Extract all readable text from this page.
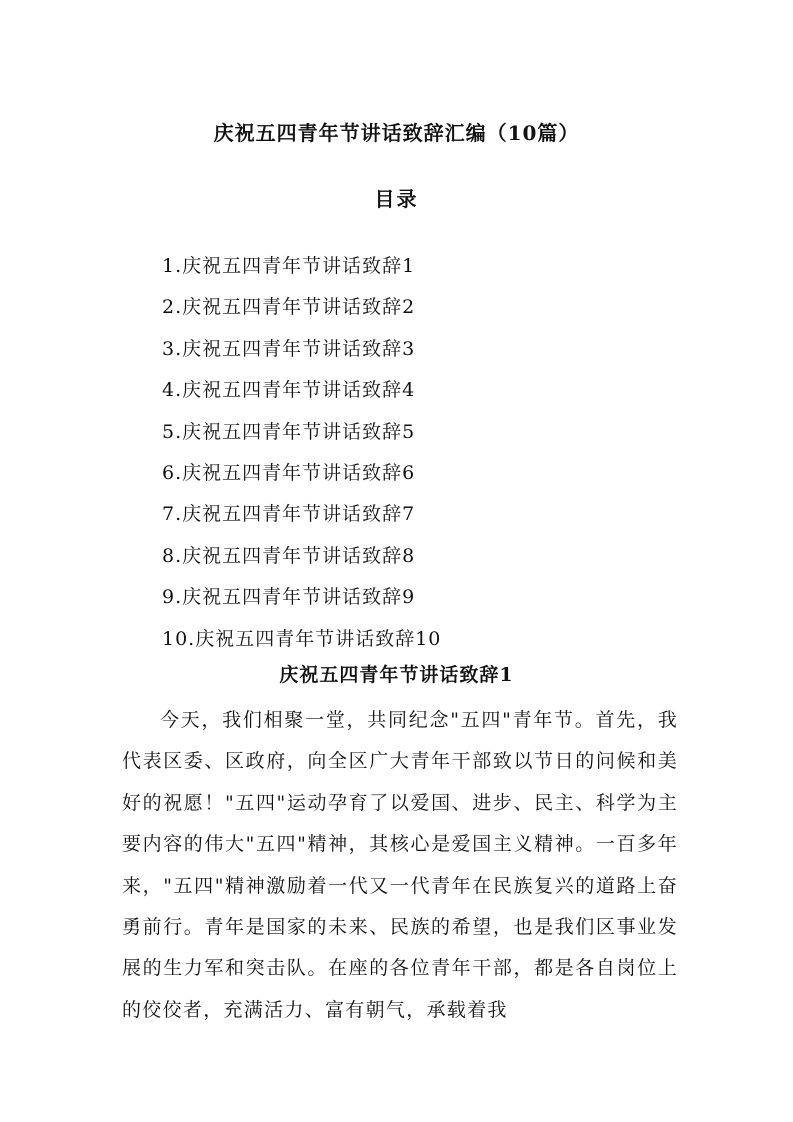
庆祝五四青年节讲话致辞汇编（10篇）
目录
1.庆祝五四青年节讲话致辞1
2.庆祝五四青年节讲话致辞2
3.庆祝五四青年节讲话致辞3
4.庆祝五四青年节讲话致辞4
5.庆祝五四青年节讲话致辞5
6.庆祝五四青年节讲话致辞6
7.庆祝五四青年节讲话致辞7
8.庆祝五四青年节讲话致辞8
9.庆祝五四青年节讲话致辞9
10.庆祝五四青年节讲话致辞10
庆祝五四青年节讲话致辞1

今天，我们相聚一堂，共同纪念"五四"青年节。首先，我代表区委、区政府，向全区广大青年干部致以节日的问候和美好的祝愿！"五四"运动孕育了以爱国、进步、民主、科学为主要内容的伟大"五四"精神，其核心是爱国主义精神。一百多年来，"五四"精神激励着一代又一代青年在民族复兴的道路上奋勇前行。青年是国家的未来、民族的希望，也是我们区事业发展的生力军和突击队。在座的各位青年干部，都是各自岗位上的佼佼者，充满活力、富有朝气，承载着我
